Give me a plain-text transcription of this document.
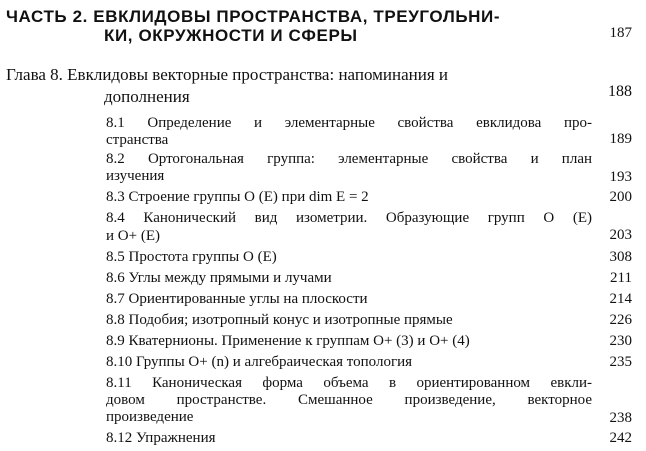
ЧАСТЬ 2. ЕВКЛИДОВЫ ПРОСТРАНСТВА, ТРЕУГОЛЬНИ-
КИ, ОКРУЖНОСТИ И СФЕРЫ	187
Глава 8. Евклидовы векторные пространства: напоминания и
дополнения	188
8.1 Определение и элементарные свойства евклидова про-
странства	189
8.2 Ортогональная группа: элементарные свойства и план
изучения	193
8.3 Строение группы O (E) при dim E = 2	200
8.4 Канонический вид изометрии. Образующие групп O (E)
и O+ (E)	203
8.5 Простота группы O (E)	308
8.6 Углы между прямыми и лучами	211
8.7 Ориентированные углы на плоскости	214
8.8 Подобия; изотропный конус и изотропные прямые	226
8.9 Кватернионы. Применение к группам O+ (3) и O+ (4)	230
8.10 Группы O+ (n) и алгебраическая топология	235
8.11 Каноническая форма объема в ориентированном евкли-
довом пространстве. Смешанное произведение, векторное
произведение	238
8.12 Упражнения	242
